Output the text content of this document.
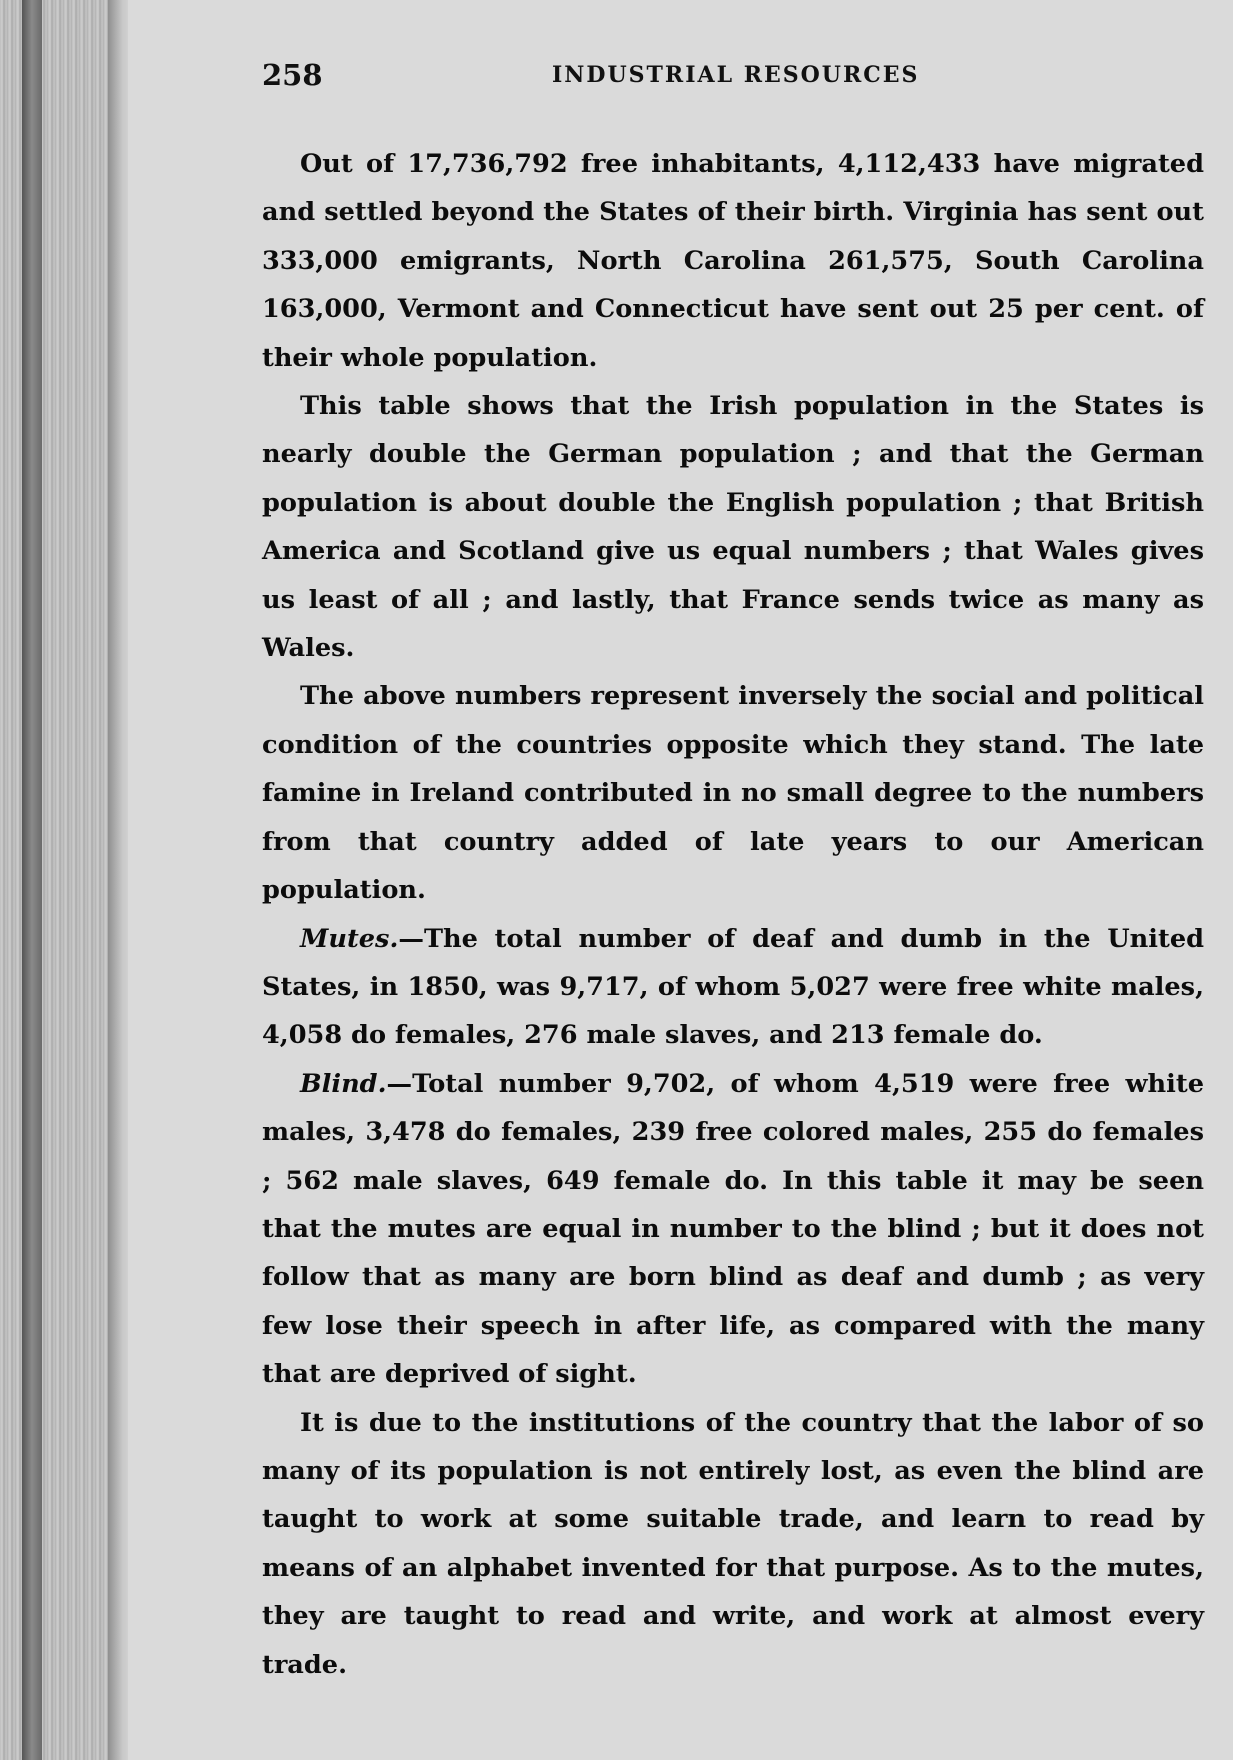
258	INDUSTRIAL RESOURCES

Out of 17,736,792 free inhabitants, 4,112,433 have migrated and settled beyond the States of their birth. Virginia has sent out 333,000 emigrants, North Carolina 261,575, South Carolina 163,000, Vermont and Connecticut have sent out 25 per cent. of their whole population.

This table shows that the Irish population in the States is nearly double the German population ; and that the German population is about double the English population ; that British America and Scotland give us equal numbers ; that Wales gives us least of all ; and lastly, that France sends twice as many as Wales.

The above numbers represent inversely the social and political condition of the countries opposite which they stand. The late famine in Ireland contributed in no small degree to the numbers from that country added of late years to our American population.

Mutes.—The total number of deaf and dumb in the United States, in 1850, was 9,717, of whom 5,027 were free white males, 4,058 do females, 276 male slaves, and 213 female do.

Blind.—Total number 9,702, of whom 4,519 were free white males, 3,478 do females, 239 free colored males, 255 do females ; 562 male slaves, 649 female do. In this table it may be seen that the mutes are equal in number to the blind ; but it does not follow that as many are born blind as deaf and dumb ; as very few lose their speech in after life, as compared with the many that are deprived of sight.

It is due to the institutions of the country that the labor of so many of its population is not entirely lost, as even the blind are taught to work at some suitable trade, and learn to read by means of an alphabet invented for that purpose. As to the mutes, they are taught to read and write, and work at almost every trade.
